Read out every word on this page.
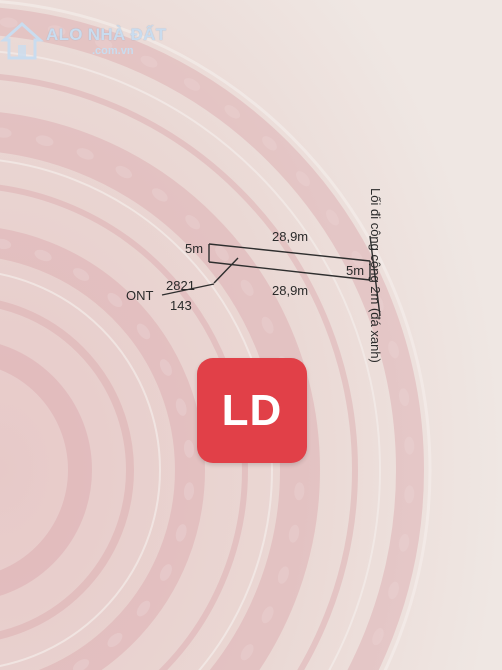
ALO NHÀ ĐẤT
.com.vn
5m
28,9m
5m
28,9m
ONT
2821
143	Lối đi công cộng 2m (đá xanh)
LD
